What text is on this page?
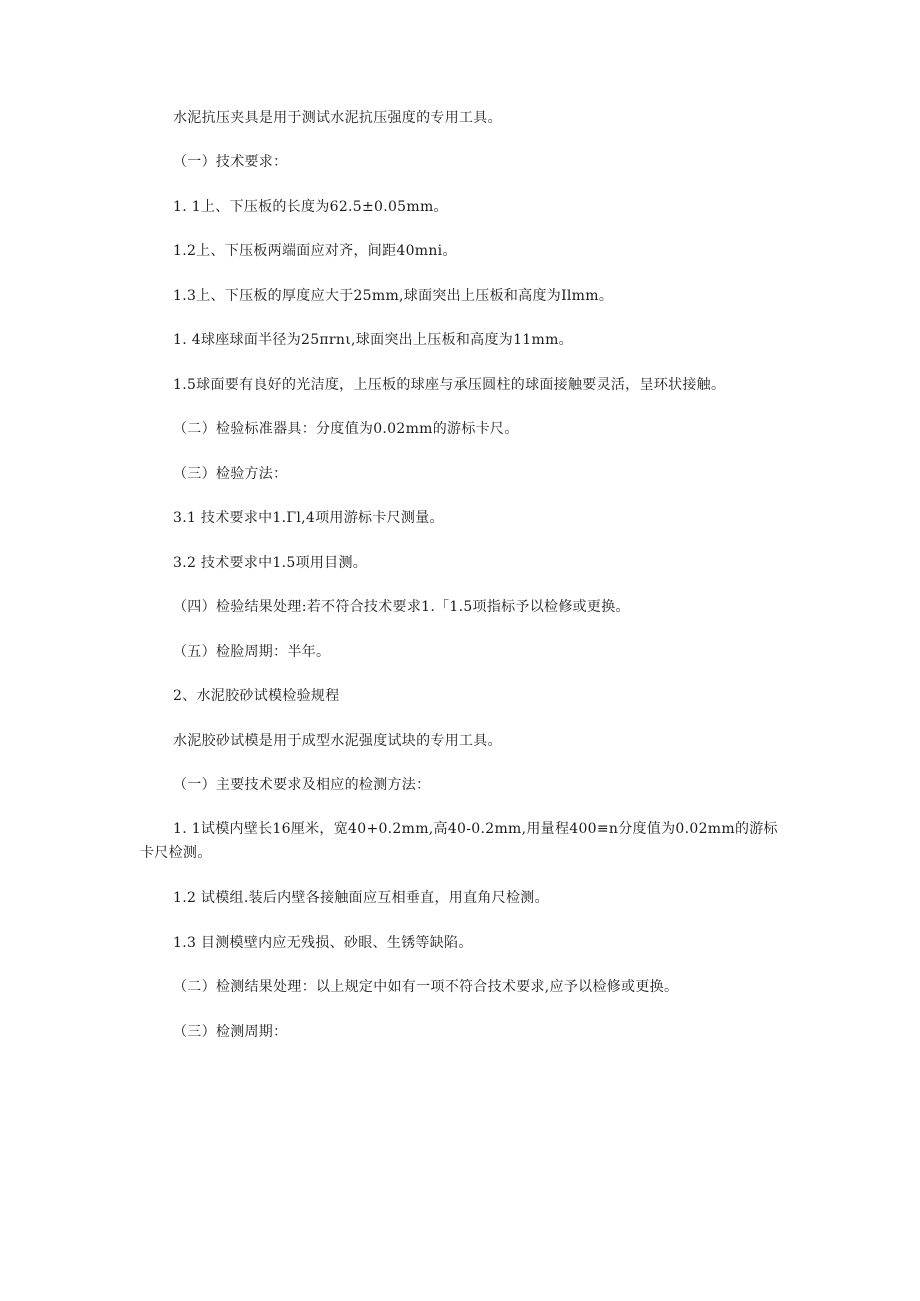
水泥抗压夹具是用于测试水泥抗压强度的专用工具。

（一）技术要求：

1. 1上、下压板的长度为62.5±0.05mm。

1.2上、下压板两端面应对齐，间距40mni。

1.3上、下压板的厚度应大于25mm,球面突出上压板和高度为Ilmm。

1. 4球座球面半径为25πrnι,球面突出上压板和高度为11mm。

1.5球面要有良好的光洁度，上压板的球座与承压圆柱的球面接触要灵活，呈环状接触。

（二）检验标准器具：分度值为0.02mm的游标卡尺。

（三）检验方法：

3.1 技术要求中1.Γl,4项用游标卡尺测量。

3.2 技术要求中1.5项用目测。

（四）检验结果处理:若不符合技术要求1.「1.5项指标予以检修或更换。

（五）检脸周期：半年。

2、水泥胶砂试模检验规程

水泥胶砂试模是用于成型水泥强度试块的专用工具。

（一）主要技术要求及相应的检测方法：

1. 1试模内壁长16厘米，宽40+0.2mm,高40-0.2mm,用量程400≡n分度值为0.02mm的游标卡尺检测。

1.2 试模组.装后内壁各接触面应互相垂直，用直角尺检测。

1.3 目测模壁内应无残损、砂眼、生锈等缺陷。

（二）检测结果处理：以上规定中如有一项不符合技术要求,应予以检修或更换。

（三）检测周期：
